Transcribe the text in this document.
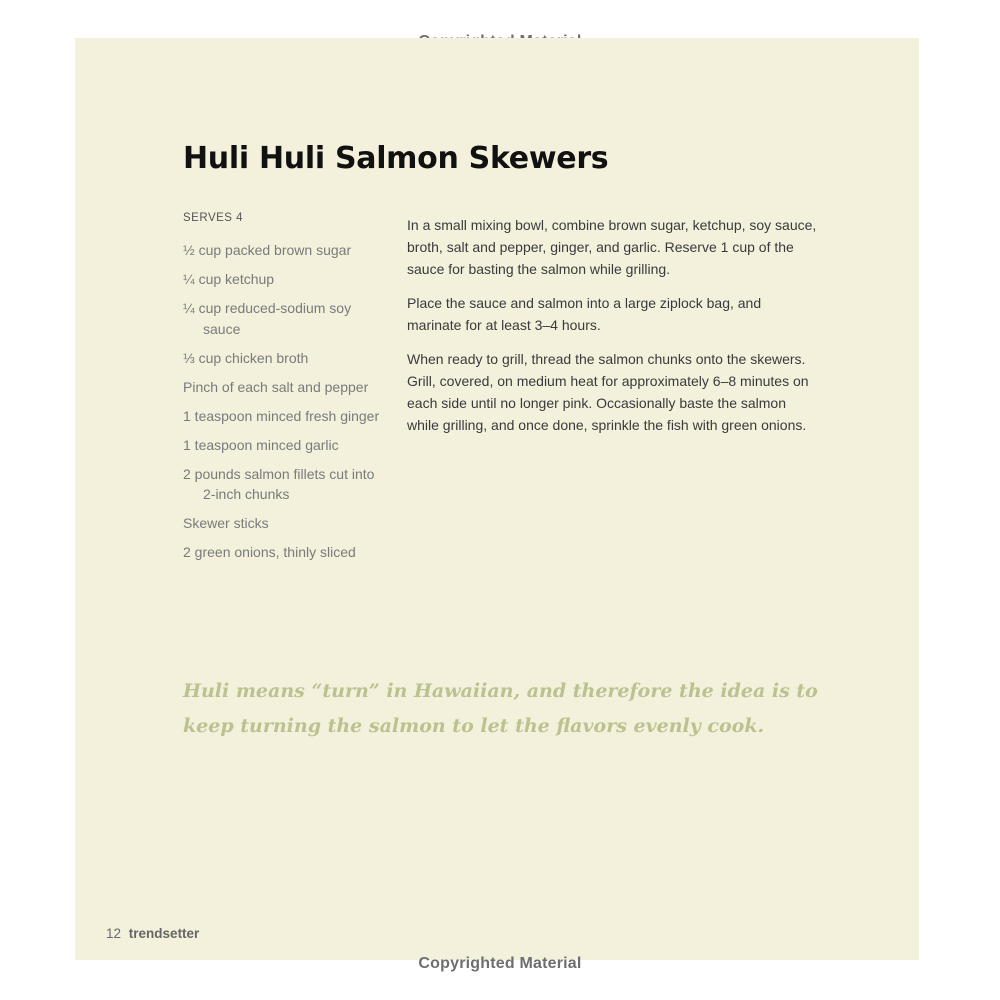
Huli Huli Salmon Skewers
SERVES 4
½ cup packed brown sugar
¼ cup ketchup
¼ cup reduced-sodium soy sauce
⅓ cup chicken broth
Pinch of each salt and pepper
1 teaspoon minced fresh ginger
1 teaspoon minced garlic
2 pounds salmon fillets cut into 2-inch chunks
Skewer sticks
2 green onions, thinly sliced

In a small mixing bowl, combine brown sugar, ketchup, soy sauce, broth, salt and pepper, ginger, and garlic. Reserve 1 cup of the sauce for basting the salmon while grilling.

Place the sauce and salmon into a large ziplock bag, and marinate for at least 3–4 hours.

When ready to grill, thread the salmon chunks onto the skewers. Grill, covered, on medium heat for approximately 6–8 minutes on each side until no longer pink. Occasionally baste the salmon while grilling, and once done, sprinkle the fish with green onions.

Huli means “turn” in Hawaiian, and therefore the idea is to keep turning the salmon to let the flavors evenly cook.

12 trendsetter
Copyrighted Material
